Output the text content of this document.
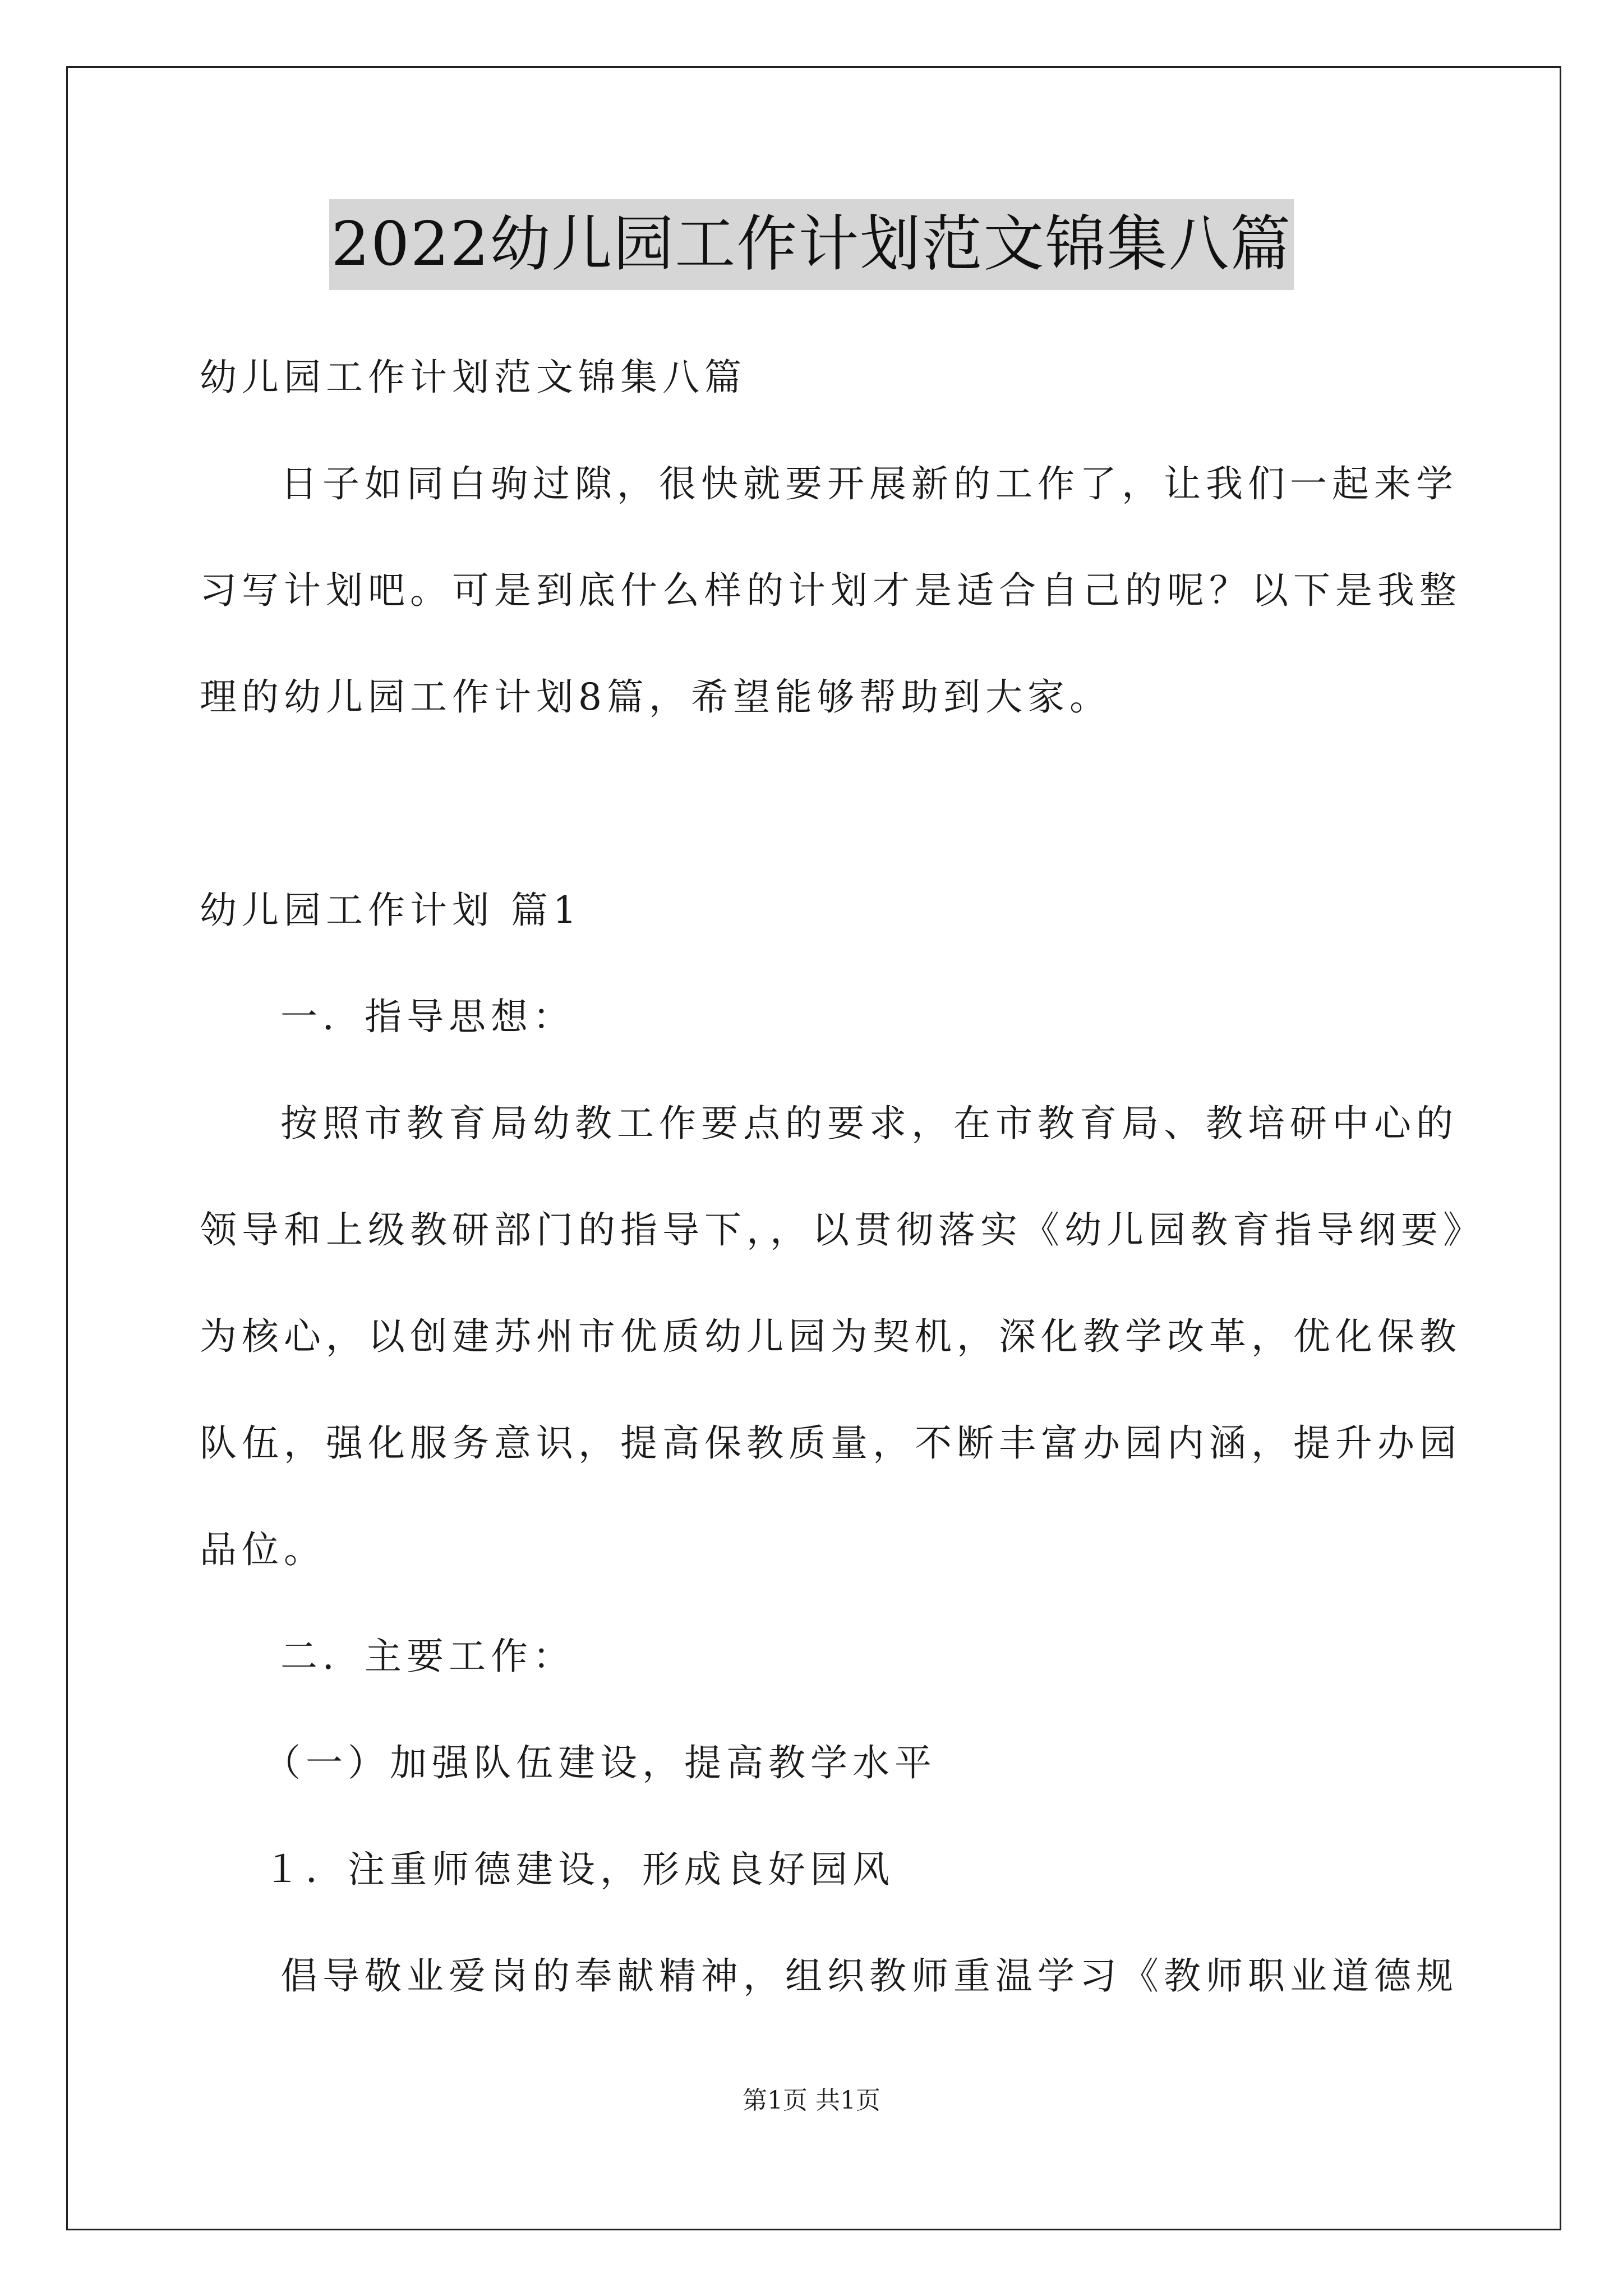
2022幼儿园工作计划范文锦集八篇
幼儿园工作计划范文锦集八篇
日子如同白驹过隙，很快就要开展新的工作了，让我们一起来学
习写计划吧。可是到底什么样的计划才是适合自己的呢？以下是我整
理的幼儿园工作计划8篇，希望能够帮助到大家。
幼儿园工作计划 篇1
一．指导思想：
按照市教育局幼教工作要点的要求，在市教育局、教培研中心的
领导和上级教研部门的指导下，，以贯彻落实《幼儿园教育指导纲要》
为核心，以创建苏州市优质幼儿园为契机，深化教学改革，优化保教
队伍，强化服务意识，提高保教质量，不断丰富办园内涵，提升办园
品位。
二．主要工作：
（一）加强队伍建设，提高教学水平
１．注重师德建设，形成良好园风
倡导敬业爱岗的奉献精神，组织教师重温学习《教师职业道德规
第1页 共1页
